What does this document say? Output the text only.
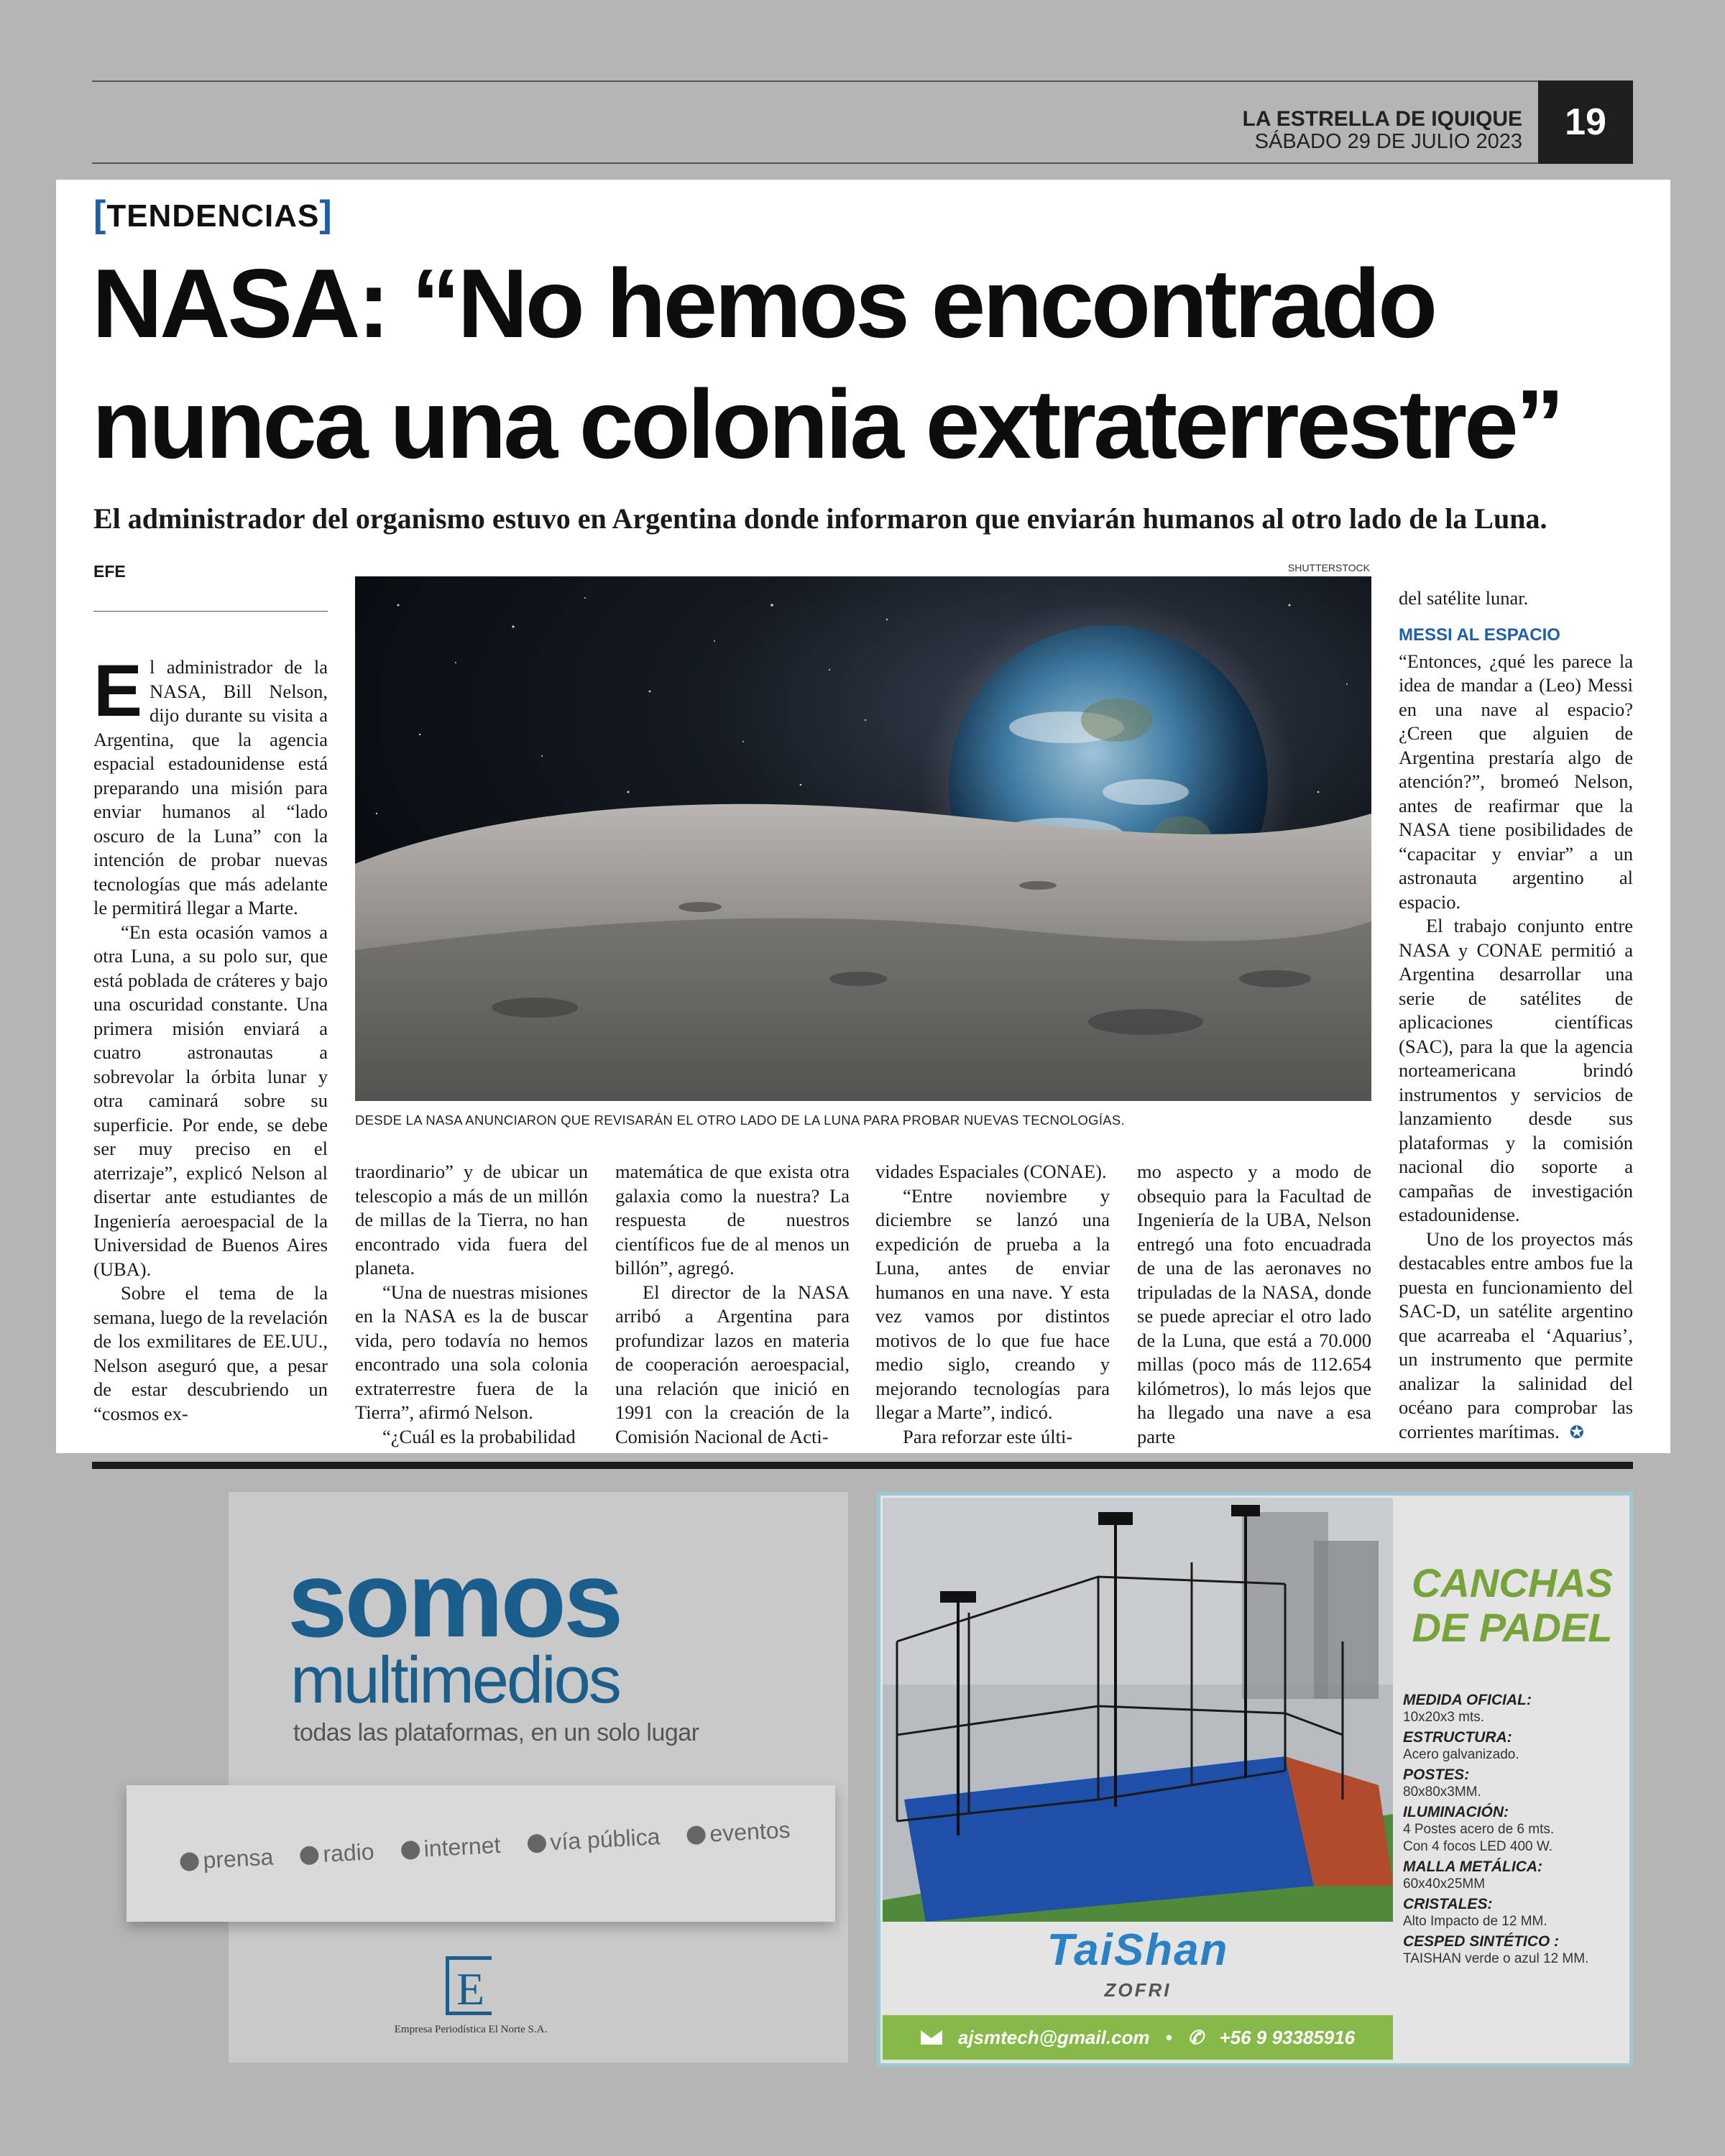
LA ESTRELLA DE IQUIQUE
SÁBADO 29 DE JULIO 2023	19
[TENDENCIAS]
NASA: “No hemos encontrado nunca una colonia extraterrestre”
El administrador del organismo estuvo en Argentina donde informaron que enviarán humanos al otro lado de la Luna.
EFE	SHUTTERSTOCK
DESDE LA NASA ANUNCIARON QUE REVISARÁN EL OTRO LADO DE LA LUNA PARA PROBAR NUEVAS TECNOLOGÍAS.

El administrador de la NASA, Bill Nelson, dijo durante su visita a Argentina, que la agencia espacial estadounidense está preparando una misión para enviar humanos al “lado oscuro de la Luna” con la intención de probar nuevas tecnologías que más adelante le permitirá llegar a Marte.

“En esta ocasión vamos a otra Luna, a su polo sur, que está poblada de cráteres y bajo una oscuridad constante. Una primera misión enviará a cuatro astronautas a sobrevolar la órbita lunar y otra caminará sobre su superficie. Por ende, se debe ser muy preciso en el aterrizaje”, explicó Nelson al disertar ante estudiantes de Ingeniería aeroespacial de la Universidad de Buenos Aires (UBA).

Sobre el tema de la semana, luego de la revelación de los exmilitares de EE.UU., Nelson aseguró que, a pesar de estar descubriendo un “cosmos ex-

traordinario” y de ubicar un telescopio a más de un millón de millas de la Tierra, no han encontrado vida fuera del planeta.

“Una de nuestras misiones en la NASA es la de buscar vida, pero todavía no hemos encontrado una sola colonia extraterrestre fuera de la Tierra”, afirmó Nelson.

“¿Cuál es la probabilidad

matemática de que exista otra galaxia como la nuestra? La respuesta de nuestros científicos fue de al menos un billón”, agregó.

El director de la NASA arribó a Argentina para profundizar lazos en materia de cooperación aeroespacial, una relación que inició en 1991 con la creación de la Comisión Nacional de Acti-

vidades Espaciales (CONAE).

“Entre noviembre y diciembre se lanzó una expedición de prueba a la Luna, antes de enviar humanos en una nave. Y esta vez vamos por distintos motivos de lo que fue hace medio siglo, creando y mejorando tecnologías para llegar a Marte”, indicó.

Para reforzar este últi-

mo aspecto y a modo de obsequio para la Facultad de Ingeniería de la UBA, Nelson entregó una foto encuadrada de una de las aeronaves no tripuladas de la NASA, donde se puede apreciar el otro lado de la Luna, que está a 70.000 millas (poco más de 112.654 kilómetros), lo más lejos que ha llegado una nave a esa parte

del satélite lunar.

MESSI AL ESPACIO

“Entonces, ¿qué les parece la idea de mandar a (Leo) Messi en una nave al espacio? ¿Creen que alguien de Argentina prestaría algo de atención?”, bromeó Nelson, antes de reafirmar que la NASA tiene posibilidades de “capacitar y enviar” a un astronauta argentino al espacio.

El trabajo conjunto entre NASA y CONAE permitió a Argentina desarrollar una serie de satélites de aplicaciones científicas (SAC), para la que la agencia norteamericana brindó instrumentos y servicios de lanzamiento desde sus plataformas y la comisión nacional dio soporte a campañas de investigación estadounidense.

Uno de los proyectos más destacables entre ambos fue la puesta en funcionamiento del SAC-D, un satélite argentino que acarreaba el ‘Aquarius’, un instrumento que permite analizar la salinidad del océano para comprobar las corrientes marítimas. ✪

somos
multimedios
todas las plataformas, en un solo lugar
prensa radio internet vía pública eventos
E
Empresa Periodística El Norte S.A.
CANCHAS
DE PADEL
MEDIDA OFICIAL:
10x20x3 mts.
ESTRUCTURA:
Acero galvanizado.
POSTES:
80x80x3MM.
ILUMINACIÓN:
4 Postes acero de 6 mts.
Con 4 focos LED 400 W.
MALLA METÁLICA:
60x40x25MM
CRISTALES:
Alto Impacto de 12 MM.
CESPED SINTÉTICO :
TAISHAN verde o azul 12 MM.
TaiShan
ZOFRI
ajsmtech@gmail.com • ✆ +56 9 93385916
